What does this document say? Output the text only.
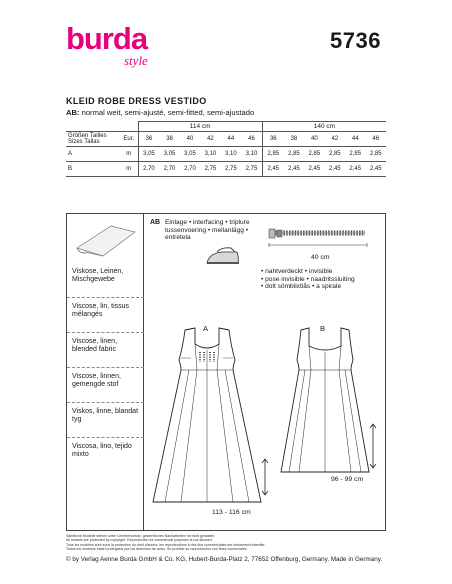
burda
style
5736
KLEID ROBE DRESS VESTIDO
AB: normal weit, semi-ajusté, semi-fitted, semi-ajustado
		114 cm						140 cm					
Größen Tailles
Sizes Tallas	Eur.	36	38	40	42	44	46	36	38	40	42	44	46
A	m	3,05	3,05	3,05	3,10	3,10	3,10	2,85	2,85	2,85	2,85	2,85	2,85
B	m	2,70	2,70	2,70	2,75	2,75	2,75	2,45	2,45	2,45	2,45	2,45	2,45
Viskose, Leinen, Mischgewebe
Viscose, lin, tissus mélangés
Viscose, linen, blended fabric
Viscose, linnen, gemengde stof
Viskos, linne, blandat tyg
Viscosa, lino, tejido mixto
AB Einlage • interfacing • triplure
tussenvoering • mellanlägg •
entretela
40 cm
• nahtverdeckt • invisible
• pose invisible • naadritssluiting
• dolt sömblixtlås • a spirale
A
113 - 116 cm
B
96 - 99 cm
Sämtliche Modelle stehen unter Urheberschutz, gewerbliches Nacharbeiten ist nicht gestattet.
All models are protected by copyright. Reproduction for commercial purposes is not allowed.
Tous les modèles sont sous la protection du droit d'auteur, les reproductions à des fins commerciales est strictement interdite.
Todos los modelos están protegidos por los derechos de autor. Se prohíbe su reproducción con fines comerciales.
© by Verlag Aenne Burda GmbH & Co. KG, Hubert-Burda-Platz 2, 77652 Offenburg, Germany. Made in Germany.
